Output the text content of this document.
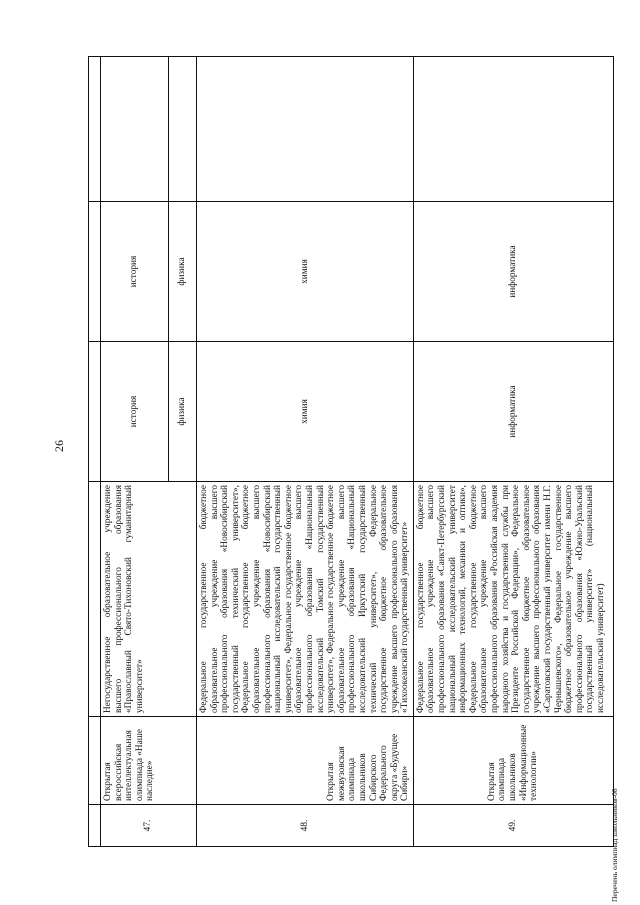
26

47.	Открытая всероссийская интеллектуальная олимпиада «Наше наследие»	Негосударственное образовательное учреждение высшего профессионального образования «Православный Свято-Тихоновский гуманитарный университет»	история	история	
			физика	физика	
48.	Открытая межвузовская олимпиада школьников Сибирского Федерального округа «Будущее Сибири»	Федеральное государственное бюджетное образовательное учреждение высшего профессионального образования «Новосибирский государственный технический университет», Федеральное государственное бюджетное образовательное учреждение высшего профессионального образования «Новосибирский национальный исследовательский государственный университет», Федеральное государственное бюджетное образовательное учреждение высшего профессионального образования «Национальный исследовательский Томский государственный университет», Федеральное государственное бюджетное образовательное учреждение высшего профессионального образования «Национальный исследовательский Иркутский государственный технический университет», Федеральное государственное бюджетное образовательное учреждение высшего профессионального образования «Тихоокеанский государственный университет»	химия	химия	
49.	Открытая олимпиада школьников «Информационные технологии»	Федеральное государственное бюджетное образовательное учреждение высшего профессионального образования «Санкт-Петербургский национальный исследовательский университет информационных технологий, механики и оптики», Федеральное государственное бюджетное образовательное учреждение высшего профессионального образования «Российская академия народного хозяйства и государственной службы при Президенте Российской Федерации», Федеральное государственное бюджетное образовательное учреждение высшего профессионального образования «Саратовский государственный университет имени Н.Г. Чернышевского», Федеральное государственное бюджетное образовательное учреждение высшего профессионального образования «Южно-Уральский государственный университет» (национальный исследовательский университет)	информатика	информатика	
Перечень олимпиад школьников-08
